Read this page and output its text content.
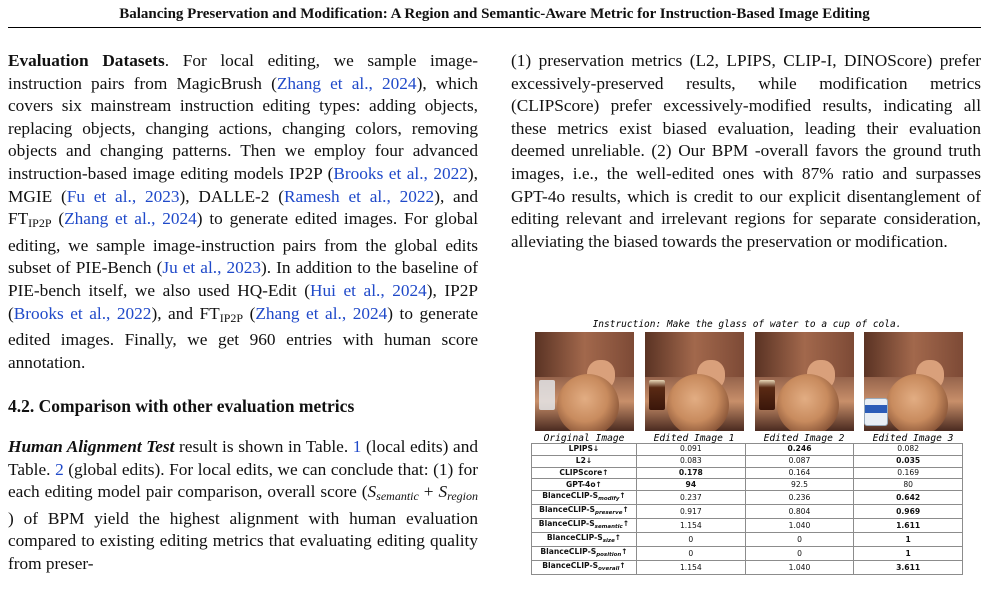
Balancing Preservation and Modification: A Region and Semantic-Aware Metric for Instruction-Based Image Editing

Evaluation Datasets. For local editing, we sample image-instruction pairs from MagicBrush (Zhang et al., 2024), which covers six mainstream instruction editing types: adding objects, replacing objects, changing actions, changing colors, removing objects and changing patterns. Then we employ four advanced instruction-based image editing models IP2P (Brooks et al., 2022), MGIE (Fu et al., 2023), DALLE-2 (Ramesh et al., 2022), and $FT_{IP2P}$ (Zhang et al., 2024) to generate edited images. For global editing, we sample image-instruction pairs from the global edits subset of PIE-Bench (Ju et al., 2023). In addition to the baseline of PIE-bench itself, we also used HQ-Edit (Hui et al., 2024), IP2P (Brooks et al., 2022), and $FT_{IP2P}$ (Zhang et al., 2024) to generate edited images. Finally, we get 960 entries with human score annotation.

4.2. Comparison with other evaluation metrics

Human Alignment Test result is shown in Table. 1 (local edits) and Table. 2 (global edits). For local edits, we can conclude that: (1) for each editing model pair comparison, overall score ($S_{semantic} + S_{region}$ ) of BPM yield the highest alignment with human evaluation compared to existing editing metrics that evaluating editing quality from preser-

(1) preservation metrics (L2, LPIPS, CLIP-I, DINOScore) prefer excessively-preserved results, while modification metrics (CLIPScore) prefer excessively-modified results, indicating all these metrics exist biased evaluation, leading their evaluation deemed unreliable. (2) Our BPM -overall favors the ground truth images, i.e., the well-edited ones with 87% ratio and surpasses GPT-4o results, which is credit to our explicit disentanglement of editing relevant and irrelevant regions for separate consideration, alleviating the biased towards the preservation or modification.

Instruction: Make the glass of water to a cup of cola.
Original Image	Edited Image 1	Edited Image 2	Edited Image 3
LPIPS↓	0.091	0.246	0.082
L2↓	0.083	0.087	0.035
CLIPScore↑	0.178	0.164	0.169
GPT-4o↑	94	92.5	80
BlanceCLIP-$S_{modify}↑$	0.237	0.236	0.642
BlanceCLIP-$S_{preserve}↑$	0.917	0.804	0.969
BlanceCLIP-$S_{semantic}↑$	1.154	1.040	1.611
BlanceCLIP-$S_{size}↑$	0	0	1
BlanceCLIP-$S_{position}↑$	0	0	1
BlanceCLIP-$S_{overall}↑$	1.154	1.040	3.611
